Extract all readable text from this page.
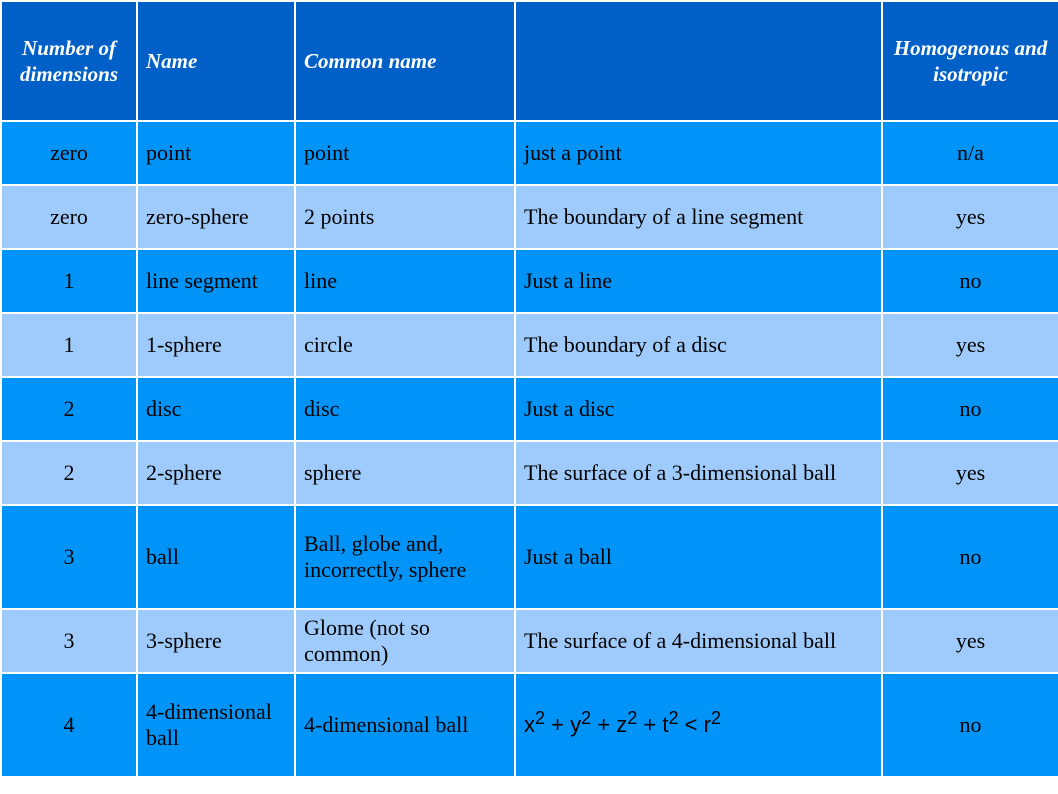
Number of dimensions	Name	Common name		Homogenous and isotropic
zero	point	point	just a point	n/a
zero	zero-sphere	2 points	The boundary of a line segment	yes
1	line segment	line	Just a line	no
1	1-sphere	circle	The boundary of a disc	yes
2	disc	disc	Just a disc	no
2	2-sphere	sphere	The surface of a 3-dimensional ball	yes
3	ball	Ball, globe and, incorrectly, sphere	Just a ball	no
3	3-sphere	Glome (not so common)	The surface of a 4-dimensional ball	yes
4	4-dimensional ball	4-dimensional ball	$x^2 + y^2 + z^2 + t^2 < r^2$	no
